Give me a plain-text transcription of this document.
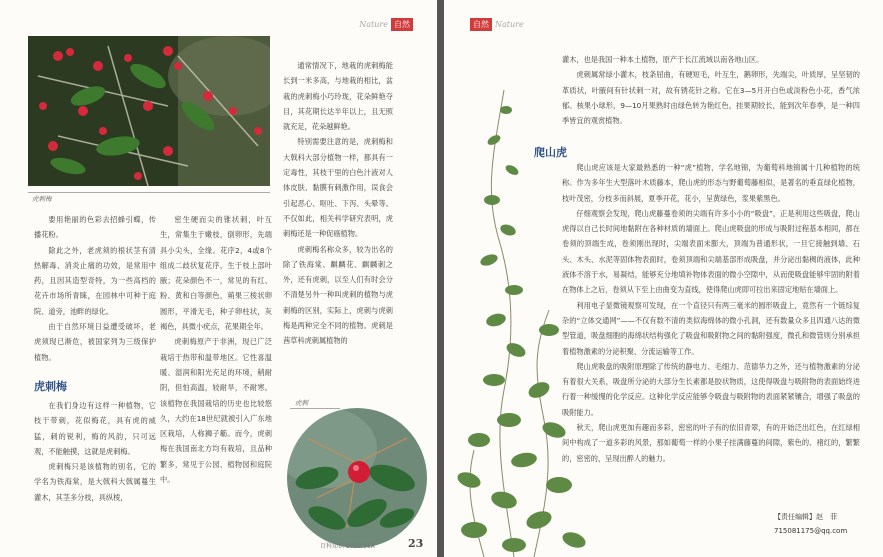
Nature 自然
虎刺梅

要用艳丽的色彩去招蜂引蝶，传播花粉。

除此之外，老虎须的根状茎有清热解毒、消炎止痛的功效，是常用中药，且因其造型奇特，为一些高档的花卉市场所青睐，在园林中可种于庭院、道旁，池畔的绿化。

由于自然环境日益遭受破坏，老虎须现已渐危，被国家列为三级保护植物。

虎刺梅

在我们身边有这样一种植物，它枝干带刺，花似梅花，具有虎的威猛，刺的锐利，梅的风韵，只可远观，不能触摸，这就是虎刺梅。

虎刺梅只是该植物的别名，它的学名为铁海棠，是大戟科大戟属蔓生灌木，其茎多分枝，具纵棱，

密生硬而尖的锥状刺，叶互生，常集生于嫩枝，倒卵形，先端具小尖头，全缘。花序2，4或8个组成二歧状复花序，生于枝上部叶腋；花朵颜色不一，常见的有红、粉、黄和白等颜色，蒴果三棱状卵圆形，平滑无毛，种子卵柱状，灰褐色，具微小疣点，花果期全年。

虎刺梅原产于非洲，现已广泛栽培于热带和温带地区。它性喜温暖、湿润和阳光充足的环境，稍耐阴，但怕高温，较耐旱，不耐寒。该植物在我国栽培的历史也比较悠久，大约在18世纪就被引入广东地区栽培，人称狮子簕。而今，虎刺梅在我国南北方均有栽培，且品种繁多，常见于公园、植物园和庭院中。

通常情况下，地栽的虎刺梅能长到一米多高，与地栽的相比，盆栽的虎刺梅小巧玲珑，花朵鲜艳夺目，其花期长达半年以上，且无照就充足，花朵越鲜艳。

特别需要注意的是，虎刺梅和大戟科大部分植物一样，都具有一定毒性，其枝干里的白色汁液对人体皮肤、黏膜有刺激作用，误食会引起恶心、呕吐、下泻、头晕等。不仅如此，相关科学研究表明，虎刺梅还是一种促癌植物。

虎刺梅名称众多，较为出名的除了铁海棠、麒麟花、麒麟刺之外，还有虎刺，以至人们有时会分不清楚另外一种叫虎刺的植物与虎刺梅的区别，实际上，虎刺与虎刺梅是两种完全不同的植物。虎刺是茜草科虎刺属植物的

虎刺
百科知识 2020.01A	23
自然 Nature

灌木，也是我国一种本土植物，原产于长江流域以南各地山区。

虎刺属常绿小灌木，枝条屈曲，有硬短毛，叶互生，鹅卵形，先端尖，叶质厚，呈坚韧的革质状，叶腋间有针状刺一对，故有锈花针之称。它在3—5月开白色或淡粉色小花，香气浓郁。核果小球形，9—10月果熟时由绿色转为艳红色，挂果期较长，能到次年春季，是一种四季皆宜的观赏植物。

爬山虎

爬山虎应该是大家最熟悉的一种“虎”植物，学名地锦，为葡萄科地锦属十几种植物的统称。作为多年生大型落叶木质藤本，爬山虎的形态与野葡萄藤相似，是著名的垂直绿化植物，枝叶茂密，分枝多而斜展，夏季开花，花小，呈黄绿色，浆果紫黑色。

仔细观察会发现，爬山虎藤蔓卷须的尖端有许多小小的“吸盘”，正是利用这些吸盘，爬山虎得以自己长时间地黏附在各种材质的墙面上。爬山虎吸盘的形成与吸附过程基本相同，都在卷须的顶端生成，卷须刚出现时，尖端表面未膨大，顶端为普通形状，一旦它接触到墙、石头、木头、水泥等固体物表面时，卷须顶端和尖端基部形成吸盘，并分泌出黏稠的液体，此种液体不溶于水，易凝结，能够充分地填补物体表面的微小空隙中，从而使吸盘能够牢固的附着在物体上之后，卷须从下至上由曲变为直线，使得爬山虎即可拉出来固定地贴在墙面上。

利用电子显微镜观察可发现，在一个直径只有两三毫米的圆形吸盘上，竟然有一个链综复杂的“立体交通网”——不仅有数不清的类似海绵体的微小孔洞，还有数量众多且四通八达的微型管道，吸盘细胞的海绵状结构强化了吸盘和吸附物之间的黏附强度，微孔和微管则分别承担着植物激素的分泌积聚、分流运输等工作。

爬山虎吸盘的吸附原理除了传统的静电力、毛细力、范德华力之外，还与植物激素的分泌有着很大关系，吸盘所分泌的大部分生长素都是胶状物质，这使得吸盘与吸附物的表面始终进行着一种缓慢的化学反应。这种化学反应能够令吸盘与吸附物的表面紧紧镶合，增强了吸盘的吸附能力。

秋天，爬山虎更加有趣而多彩，密密的叶子有的依旧青翠，有的开始泛出红色，在红绿相间中构成了一道多彩的风景，那如葡萄一样的小果子挂满藤蔓的间隙，紫色的、褚红的，繁繁的，密密的，呈现出醉人的魅力。

【责任编辑】赵　菲
715081175@qq.com
